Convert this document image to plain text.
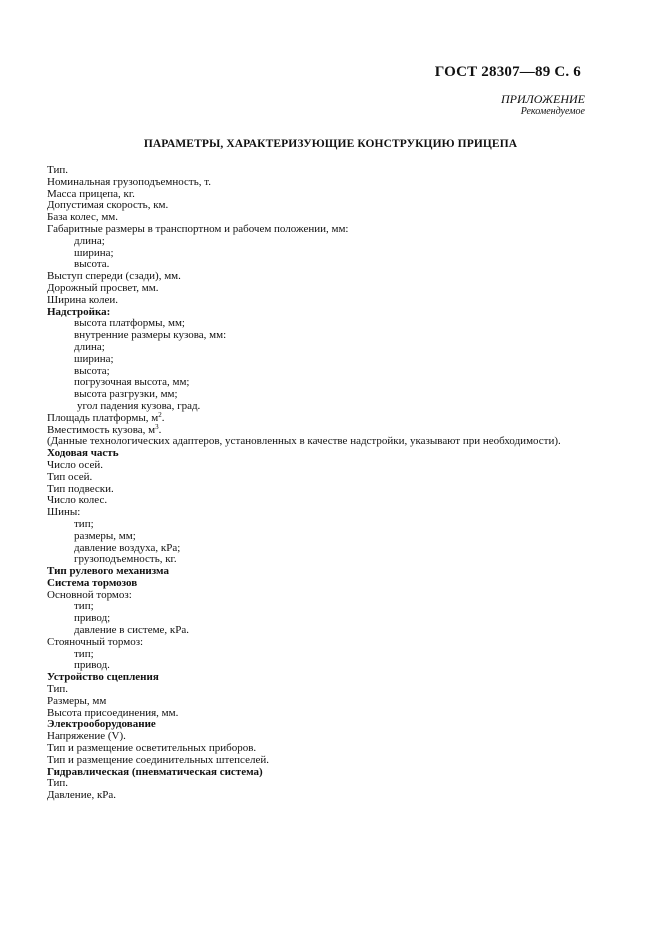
ГОСТ 28307—89 С. 6
ПРИЛОЖЕНИЕ
Рекомендуемое
ПАРАМЕТРЫ, ХАРАКТЕРИЗУЮЩИЕ КОНСТРУКЦИЮ ПРИЦЕПА
Тип.
Номинальная грузоподъемность, т.
Масса прицепа, кг.
Допустимая скорость, км.
База колес, мм.
Габаритные размеры в транспортном и рабочем положении, мм:
длина;
ширина;
высота.
Выступ спереди (сзади), мм.
Дорожный просвет, мм.
Ширина колеи.
Надстройка:
высота платформы, мм;
внутренние размеры кузова, мм:
длина;
ширина;
высота;
погрузочная высота, мм;
высота разгрузки, мм;
угол падения кузова, град.
Площадь платформы, $м^2$.
Вместимость кузова, $м^3$.
(Данные технологических адаптеров, установленных в качестве надстройки, указывают при необходимости).
Ходовая часть
Число осей.
Тип осей.
Тип подвески.
Число колес.
Шины:
тип;
размеры, мм;
давление воздуха, кРа;
грузоподъемность, кг.
Тип рулевого механизма
Система тормозов
Основной тормоз:
тип;
привод;
давление в системе, кРа.
Стояночный тормоз:
тип;
привод.
Устройство сцепления
Тип.
Размеры, мм
Высота присоединения, мм.
Электрооборудование
Напряжение (V).
Тип и размещение осветительных приборов.
Тип и размещение соединительных штепселей.
Гидравлическая (пневматическая система)
Тип.
Давление, кРа.
